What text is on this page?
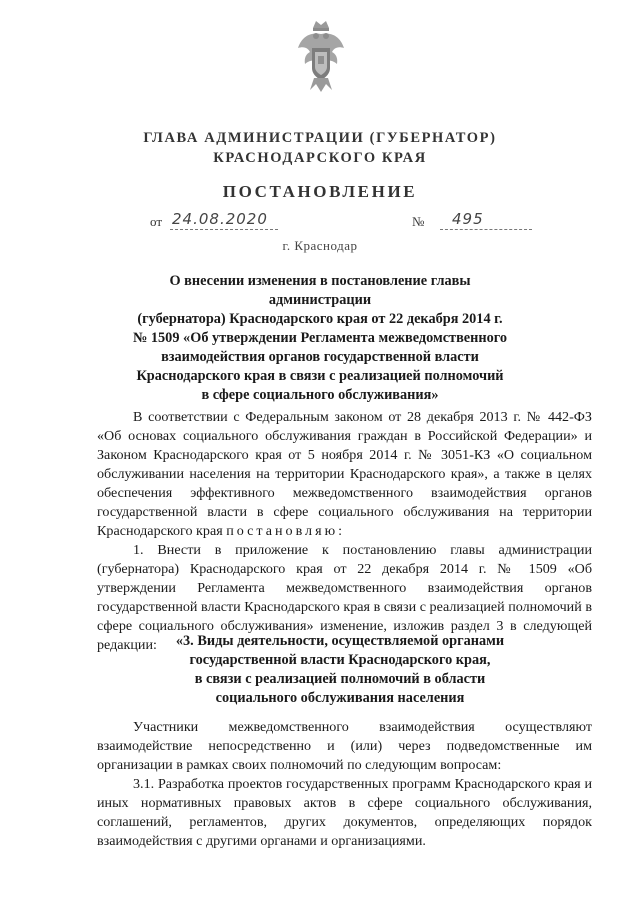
ГЛАВА АДМИНИСТРАЦИИ (ГУБЕРНАТОР)
КРАСНОДАРСКОГО КРАЯ
ПОСТАНОВЛЕНИЕ
от 24.08.2020	№ 495
г. Краснодар
О внесении изменения в постановление главы администрации
(губернатора) Краснодарского края от 22 декабря 2014 г.
№ 1509 «Об утверждении Регламента межведомственного
взаимодействия органов государственной власти
Краснодарского края в связи с реализацией полномочий
в сфере социального обслуживания»

В соответствии с Федеральным законом от 28 декабря 2013 г. № 442-ФЗ «Об основах социального обслуживания граждан в Российской Федерации» и Законом Краснодарского края от 5 ноября 2014 г. № 3051-КЗ «О социальном обслуживании населения на территории Краснодарского края», а также в целях обеспечения эффективного межведомственного взаимодействия органов государственной власти в сфере социального обслуживания на территории Краснодарского края постановляю:

1. Внести в приложение к постановлению главы администрации (губернатора) Краснодарского края от 22 декабря 2014 г. № 1509 «Об утверждении Регламента межведомственного взаимодействия органов государственной власти Краснодарского края в связи с реализацией полномочий в сфере социального обслуживания» изменение, изложив раздел 3 в следующей редакции:	«3. Виды деятельности, осуществляемой органами
государственной власти Краснодарского края,
в связи с реализацией полномочий в области
социального обслуживания населения

Участники межведомственного взаимодействия осуществляют взаимодействие непосредственно и (или) через подведомственные им организации в рамках своих полномочий по следующим вопросам:

3.1. Разработка проектов государственных программ Краснодарского края и иных нормативных правовых актов в сфере социального обслуживания, соглашений, регламентов, других документов, определяющих порядок взаимодействия с другими органами и организациями.
